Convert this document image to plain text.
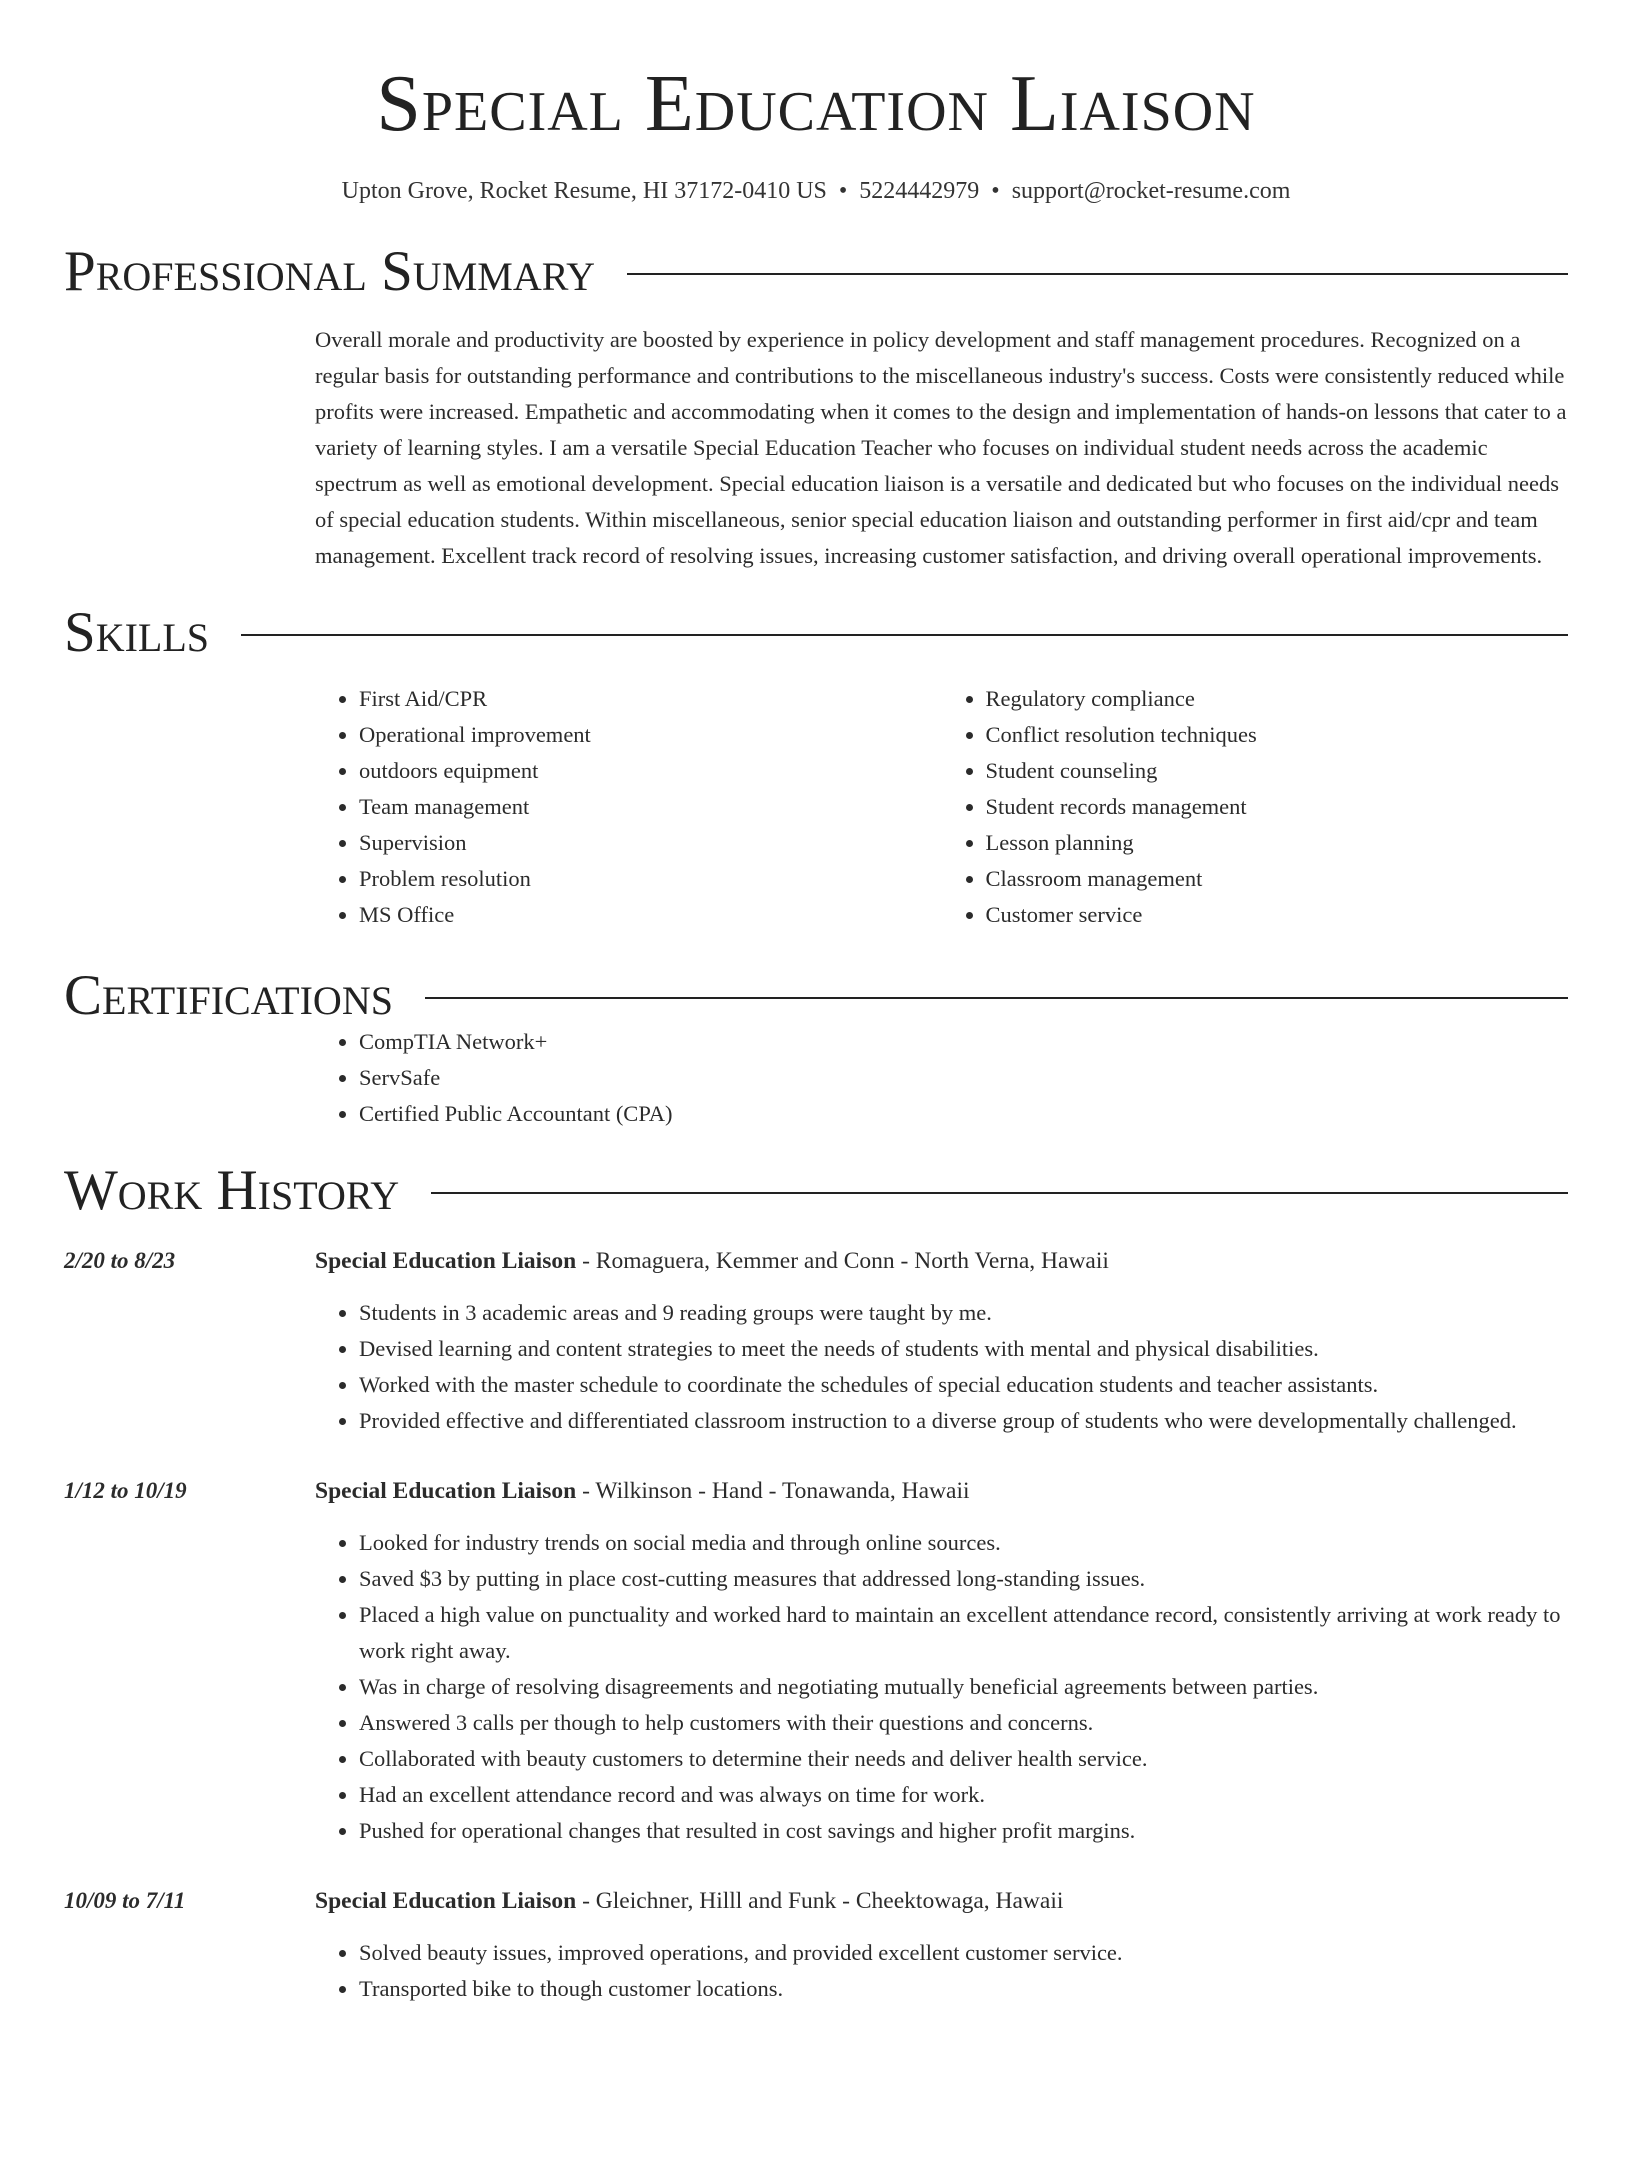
Special Education Liaison
Upton Grove, Rocket Resume, HI 37172-0410 US • 5224442979 • support@rocket-resume.com
Professional Summary

Overall morale and productivity are boosted by experience in policy development and staff management procedures. Recognized on a regular basis for outstanding performance and contributions to the miscellaneous industry's success. Costs were consistently reduced while profits were increased. Empathetic and accommodating when it comes to the design and implementation of hands-on lessons that cater to a variety of learning styles. I am a versatile Special Education Teacher who focuses on individual student needs across the academic spectrum as well as emotional development. Special education liaison is a versatile and dedicated but who focuses on the individual needs of special education students. Within miscellaneous, senior special education liaison and outstanding performer in first aid/cpr and team management. Excellent track record of resolving issues, increasing customer satisfaction, and driving overall operational improvements.

Skills
• First Aid/CPR
• Operational improvement
• outdoors equipment
• Team management
• Supervision
• Problem resolution
• MS Office
• Regulatory compliance
• Conflict resolution techniques
• Student counseling
• Student records management
• Lesson planning
• Classroom management
• Customer service
Certifications
• CompTIA Network+
• ServSafe
• Certified Public Accountant (CPA)
Work History
2/20 to 8/23	Special Education Liaison - Romaguera, Kemmer and Conn - North Verna, Hawaii
• Students in 3 academic areas and 9 reading groups were taught by me.
• Devised learning and content strategies to meet the needs of students with mental and physical disabilities.
• Worked with the master schedule to coordinate the schedules of special education students and teacher assistants.
• Provided effective and differentiated classroom instruction to a diverse group of students who were developmentally challenged.
1/12 to 10/19	Special Education Liaison - Wilkinson - Hand - Tonawanda, Hawaii
• Looked for industry trends on social media and through online sources.
• Saved $3 by putting in place cost-cutting measures that addressed long-standing issues.
• Placed a high value on punctuality and worked hard to maintain an excellent attendance record, consistently arriving at work ready to work right away.
• Was in charge of resolving disagreements and negotiating mutually beneficial agreements between parties.
• Answered 3 calls per though to help customers with their questions and concerns.
• Collaborated with beauty customers to determine their needs and deliver health service.
• Had an excellent attendance record and was always on time for work.
• Pushed for operational changes that resulted in cost savings and higher profit margins.
10/09 to 7/11	Special Education Liaison - Gleichner, Hilll and Funk - Cheektowaga, Hawaii
• Solved beauty issues, improved operations, and provided excellent customer service.
• Transported bike to though customer locations.
